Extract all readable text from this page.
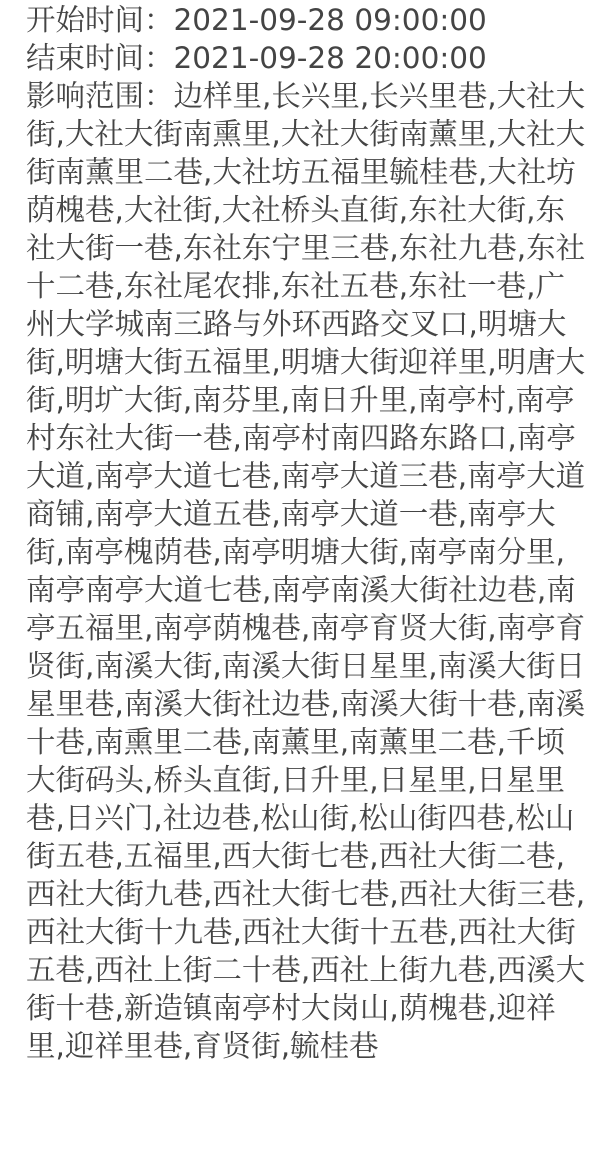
开始时间：2021-09-28 09:00:00
结束时间：2021-09-28 20:00:00
影响范围：边样里,长兴里,长兴里巷,大社大街,大社大街南熏里,大社大街南薰里,大社大街南薰里二巷,大社坊五福里毓桂巷,大社坊荫槐巷,大社街,大社桥头直街,东社大街,东社大街一巷,东社东宁里三巷,东社九巷,东社十二巷,东社尾农排,东社五巷,东社一巷,广州大学城南三路与外环西路交叉口,明塘大街,明塘大街五福里,明塘大街迎祥里,明唐大街,明圹大街,南芬里,南日升里,南亭村,南亭村东社大街一巷,南亭村南四路东路口,南亭大道,南亭大道七巷,南亭大道三巷,南亭大道商铺,南亭大道五巷,南亭大道一巷,南亭大街,南亭槐荫巷,南亭明塘大街,南亭南分里,南亭南亭大道七巷,南亭南溪大街社边巷,南亭五福里,南亭荫槐巷,南亭育贤大街,南亭育贤街,南溪大街,南溪大街日星里,南溪大街日星里巷,南溪大街社边巷,南溪大街十巷,南溪十巷,南熏里二巷,南薰里,南薰里二巷,千顷大街码头,桥头直街,日升里,日星里,日星里巷,日兴门,社边巷,松山街,松山街四巷,松山街五巷,五福里,西大街七巷,西社大街二巷,西社大街九巷,西社大街七巷,西社大街三巷,西社大街十九巷,西社大街十五巷,西社大街五巷,西社上街二十巷,西社上街九巷,西溪大街十巷,新造镇南亭村大岗山,荫槐巷,迎祥里,迎祥里巷,育贤街,毓桂巷
